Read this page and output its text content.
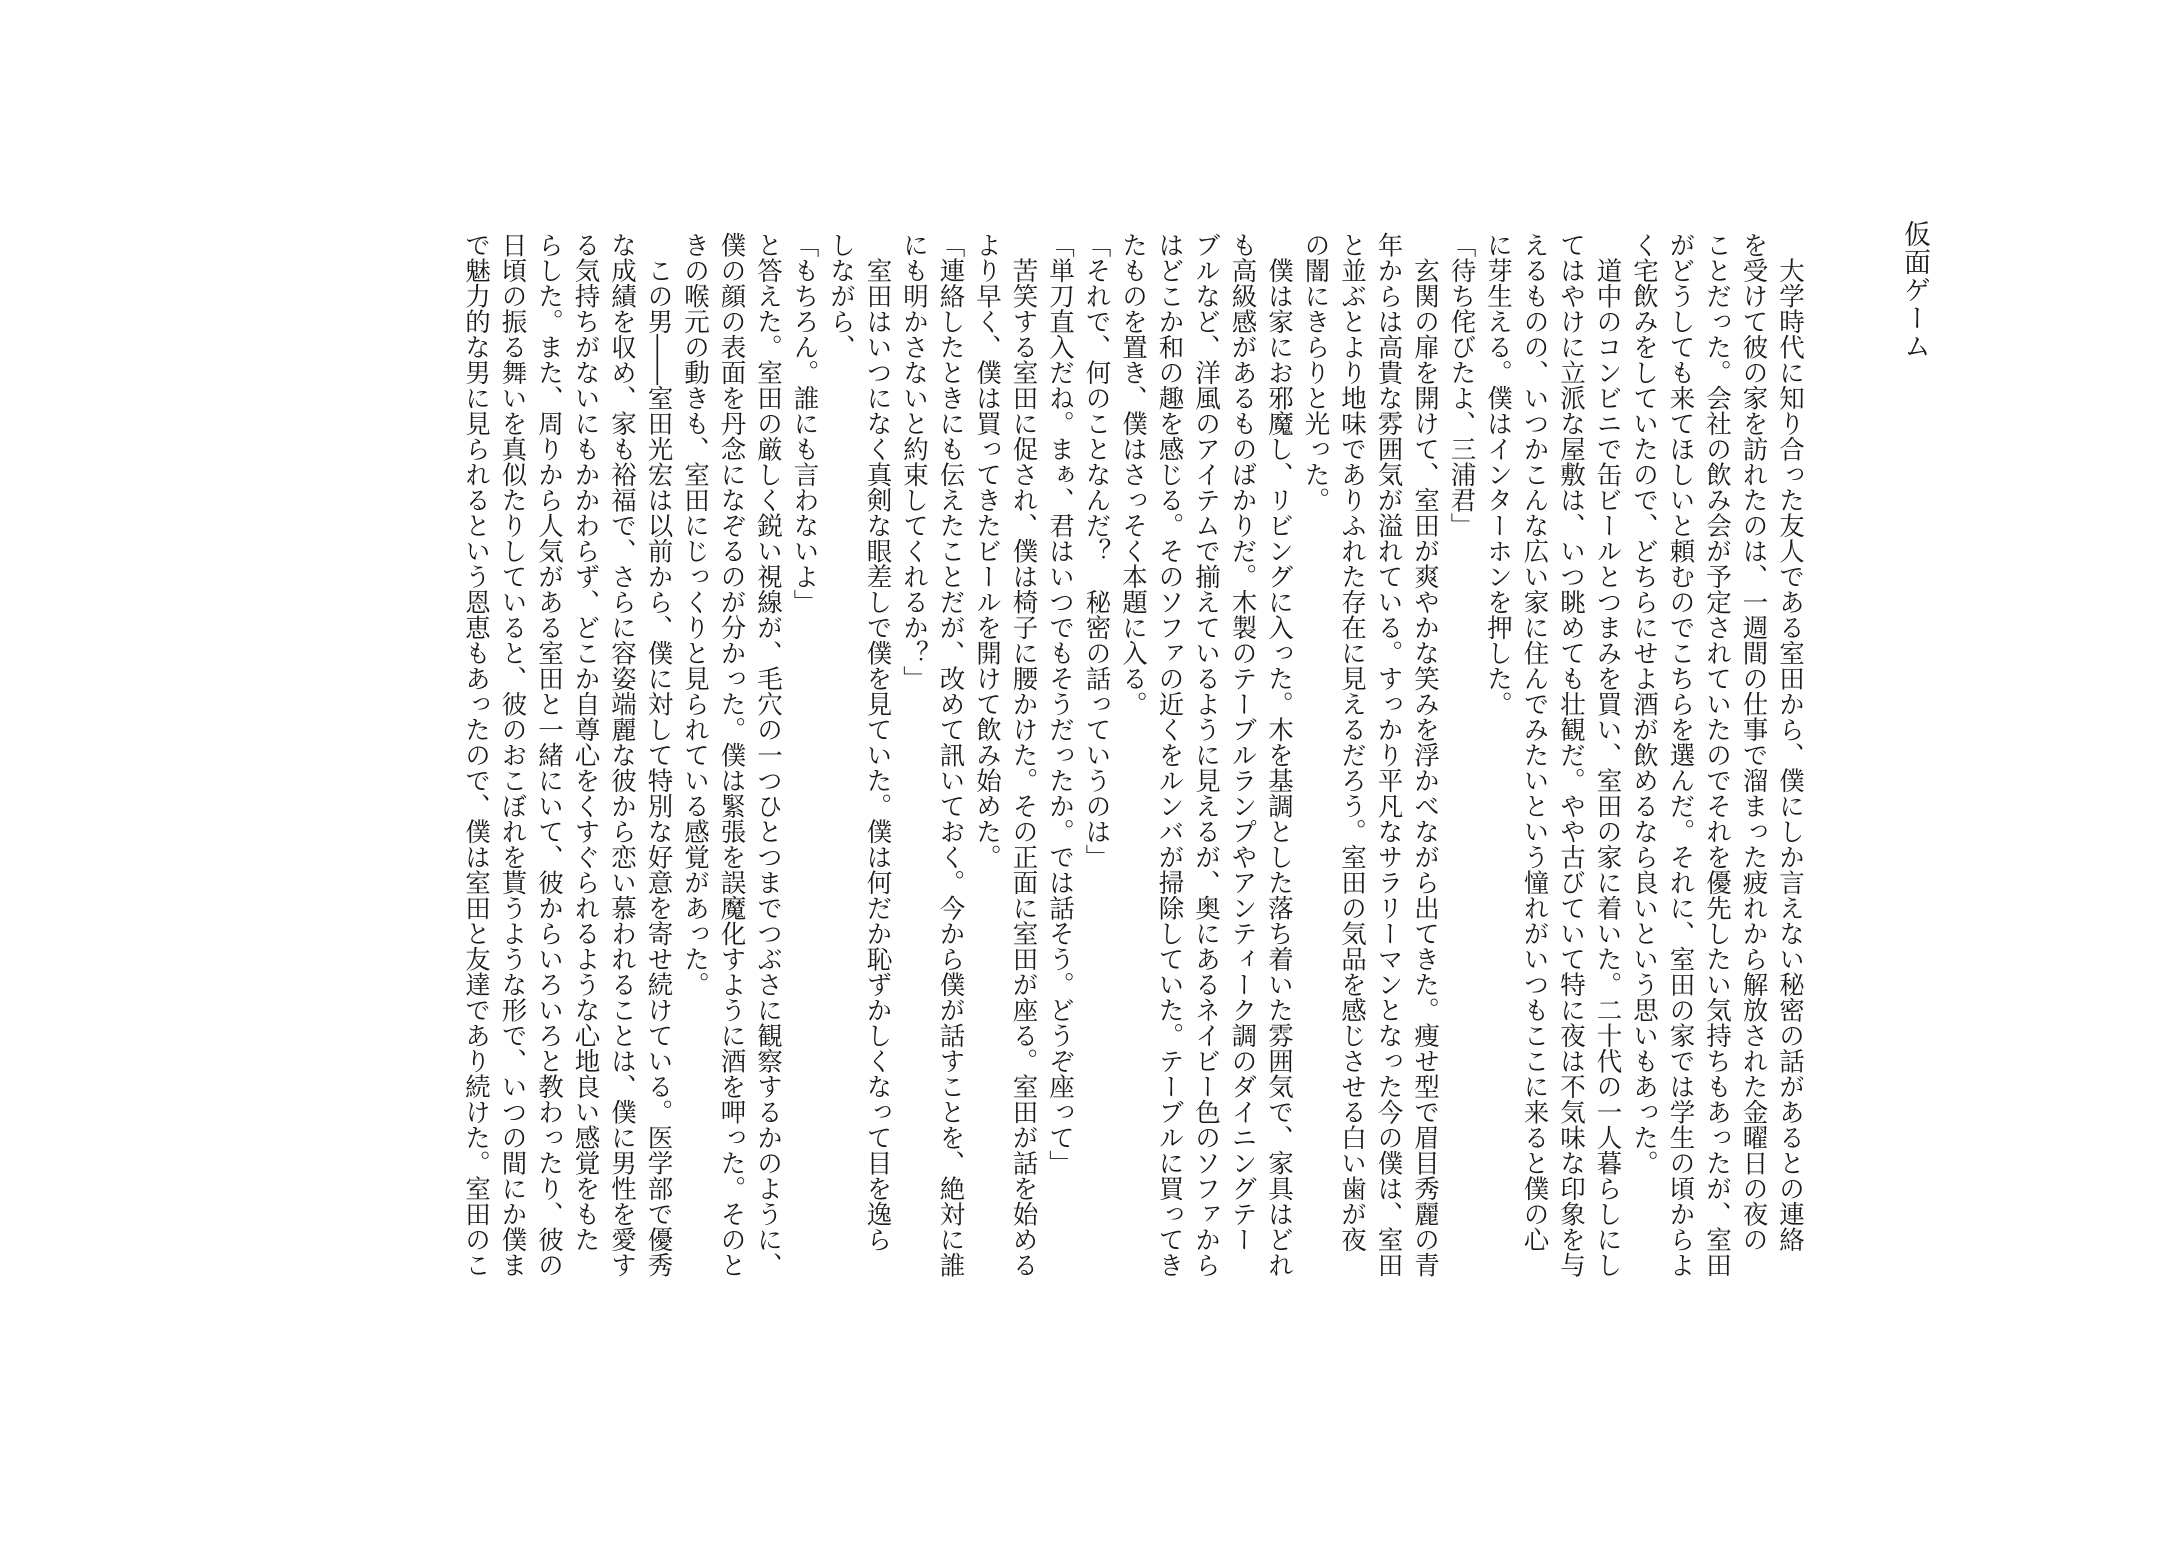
仮面ゲーム
　大学時代に知り合った友人である室田から、僕にしか言えない秘密の話があるとの連絡
を受けて彼の家を訪れたのは、一週間の仕事で溜まった疲れから解放された金曜日の夜の
ことだった。会社の飲み会が予定されていたのでそれを優先したい気持ちもあったが、室田
がどうしても来てほしいと頼むのでこちらを選んだ。それに、室田の家では学生の頃からよ
く宅飲みをしていたので、どちらにせよ酒が飲めるなら良いという思いもあった。
　道中のコンビニで缶ビールとつまみを買い、室田の家に着いた。二十代の一人暮らしにし
てはやけに立派な屋敷は、いつ眺めても壮観だ。やや古びていて特に夜は不気味な印象を与
えるものの、いつかこんな広い家に住んでみたいという憧れがいつもここに来ると僕の心
に芽生える。僕はインターホンを押した。
「待ち侘びたよ、三浦君」
　玄関の扉を開けて、室田が爽やかな笑みを浮かべながら出てきた。痩せ型で眉目秀麗の青
年からは高貴な雰囲気が溢れている。すっかり平凡なサラリーマンとなった今の僕は、室田
と並ぶとより地味でありふれた存在に見えるだろう。室田の気品を感じさせる白い歯が夜
の闇にきらりと光った。
　僕は家にお邪魔し、リビングに入った。木を基調とした落ち着いた雰囲気で、家具はどれ
も高級感があるものばかりだ。木製のテーブルランプやアンティーク調のダイニングテー
ブルなど、洋風のアイテムで揃えているように見えるが、奥にあるネイビー色のソファから
はどこか和の趣を感じる。そのソファの近くをルンバが掃除していた。テーブルに買ってき
たものを置き、僕はさっそく本題に入る。
「それで、何のことなんだ？　秘密の話っていうのは」
「単刀直入だね。まぁ、君はいつでもそうだったか。では話そう。どうぞ座って」
　苦笑する室田に促され、僕は椅子に腰かけた。その正面に室田が座る。室田が話を始める
より早く、僕は買ってきたビールを開けて飲み始めた。
「連絡したときにも伝えたことだが、改めて訊いておく。今から僕が話すことを、絶対に誰
にも明かさないと約束してくれるか？」
　室田はいつになく真剣な眼差しで僕を見ていた。僕は何だか恥ずかしくなって目を逸ら
しながら、
「もちろん。誰にも言わないよ」
と答えた。室田の厳しく鋭い視線が、毛穴の一つひとつまでつぶさに観察するかのように、
僕の顔の表面を丹念になぞるのが分かった。僕は緊張を誤魔化すように酒を呷った。そのと
きの喉元の動きも、室田にじっくりと見られている感覚があった。
　この男――室田光宏は以前から、僕に対して特別な好意を寄せ続けている。医学部で優秀
な成績を収め、家も裕福で、さらに容姿端麗な彼から恋い慕われることは、僕に男性を愛す
る気持ちがないにもかかわらず、どこか自尊心をくすぐられるような心地良い感覚をもた
らした。また、周りから人気がある室田と一緒にいて、彼からいろいろと教わったり、彼の
日頃の振る舞いを真似たりしていると、彼のおこぼれを貰うような形で、いつの間にか僕ま
で魅力的な男に見られるという恩恵もあったので、僕は室田と友達であり続けた。室田のこ
